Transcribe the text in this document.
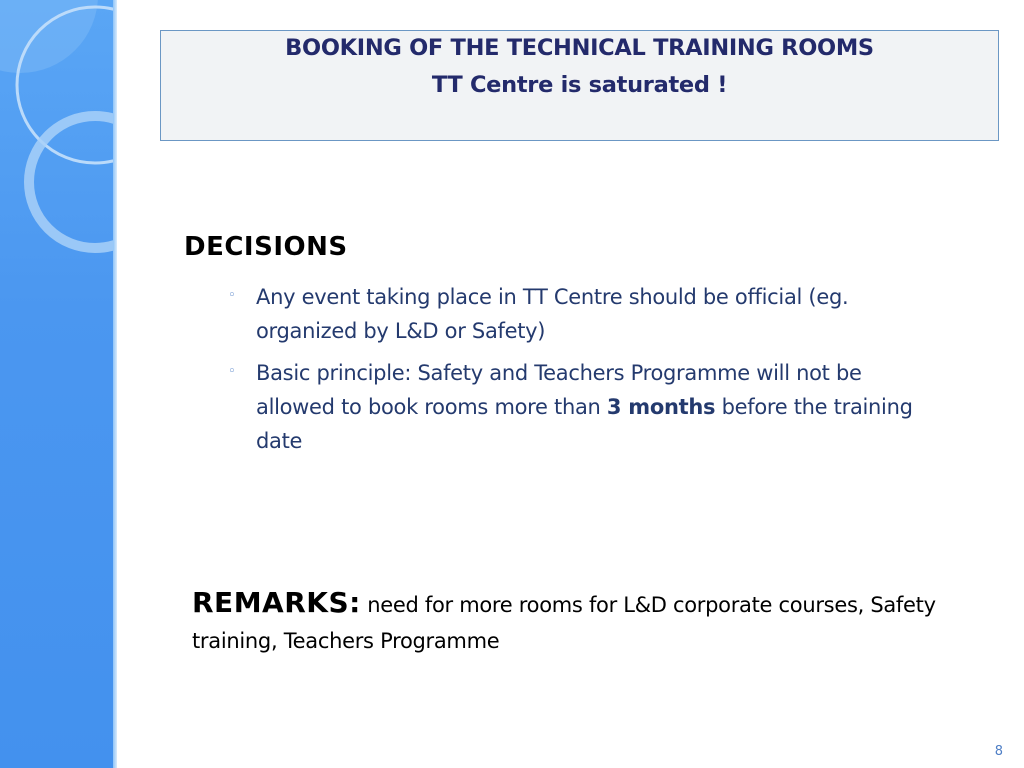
BOOKING OF THE TECHNICAL TRAINING ROOMS
TT Centre is saturated !
DECISIONS
◦ Any event taking place in TT Centre should be official (eg. organized by L&D or Safety)
◦ Basic principle: Safety and Teachers Programme will not be allowed to book rooms more than 3 months before the training date
REMARKS: need for more rooms for L&D corporate courses, Safety training, Teachers Programme
8
